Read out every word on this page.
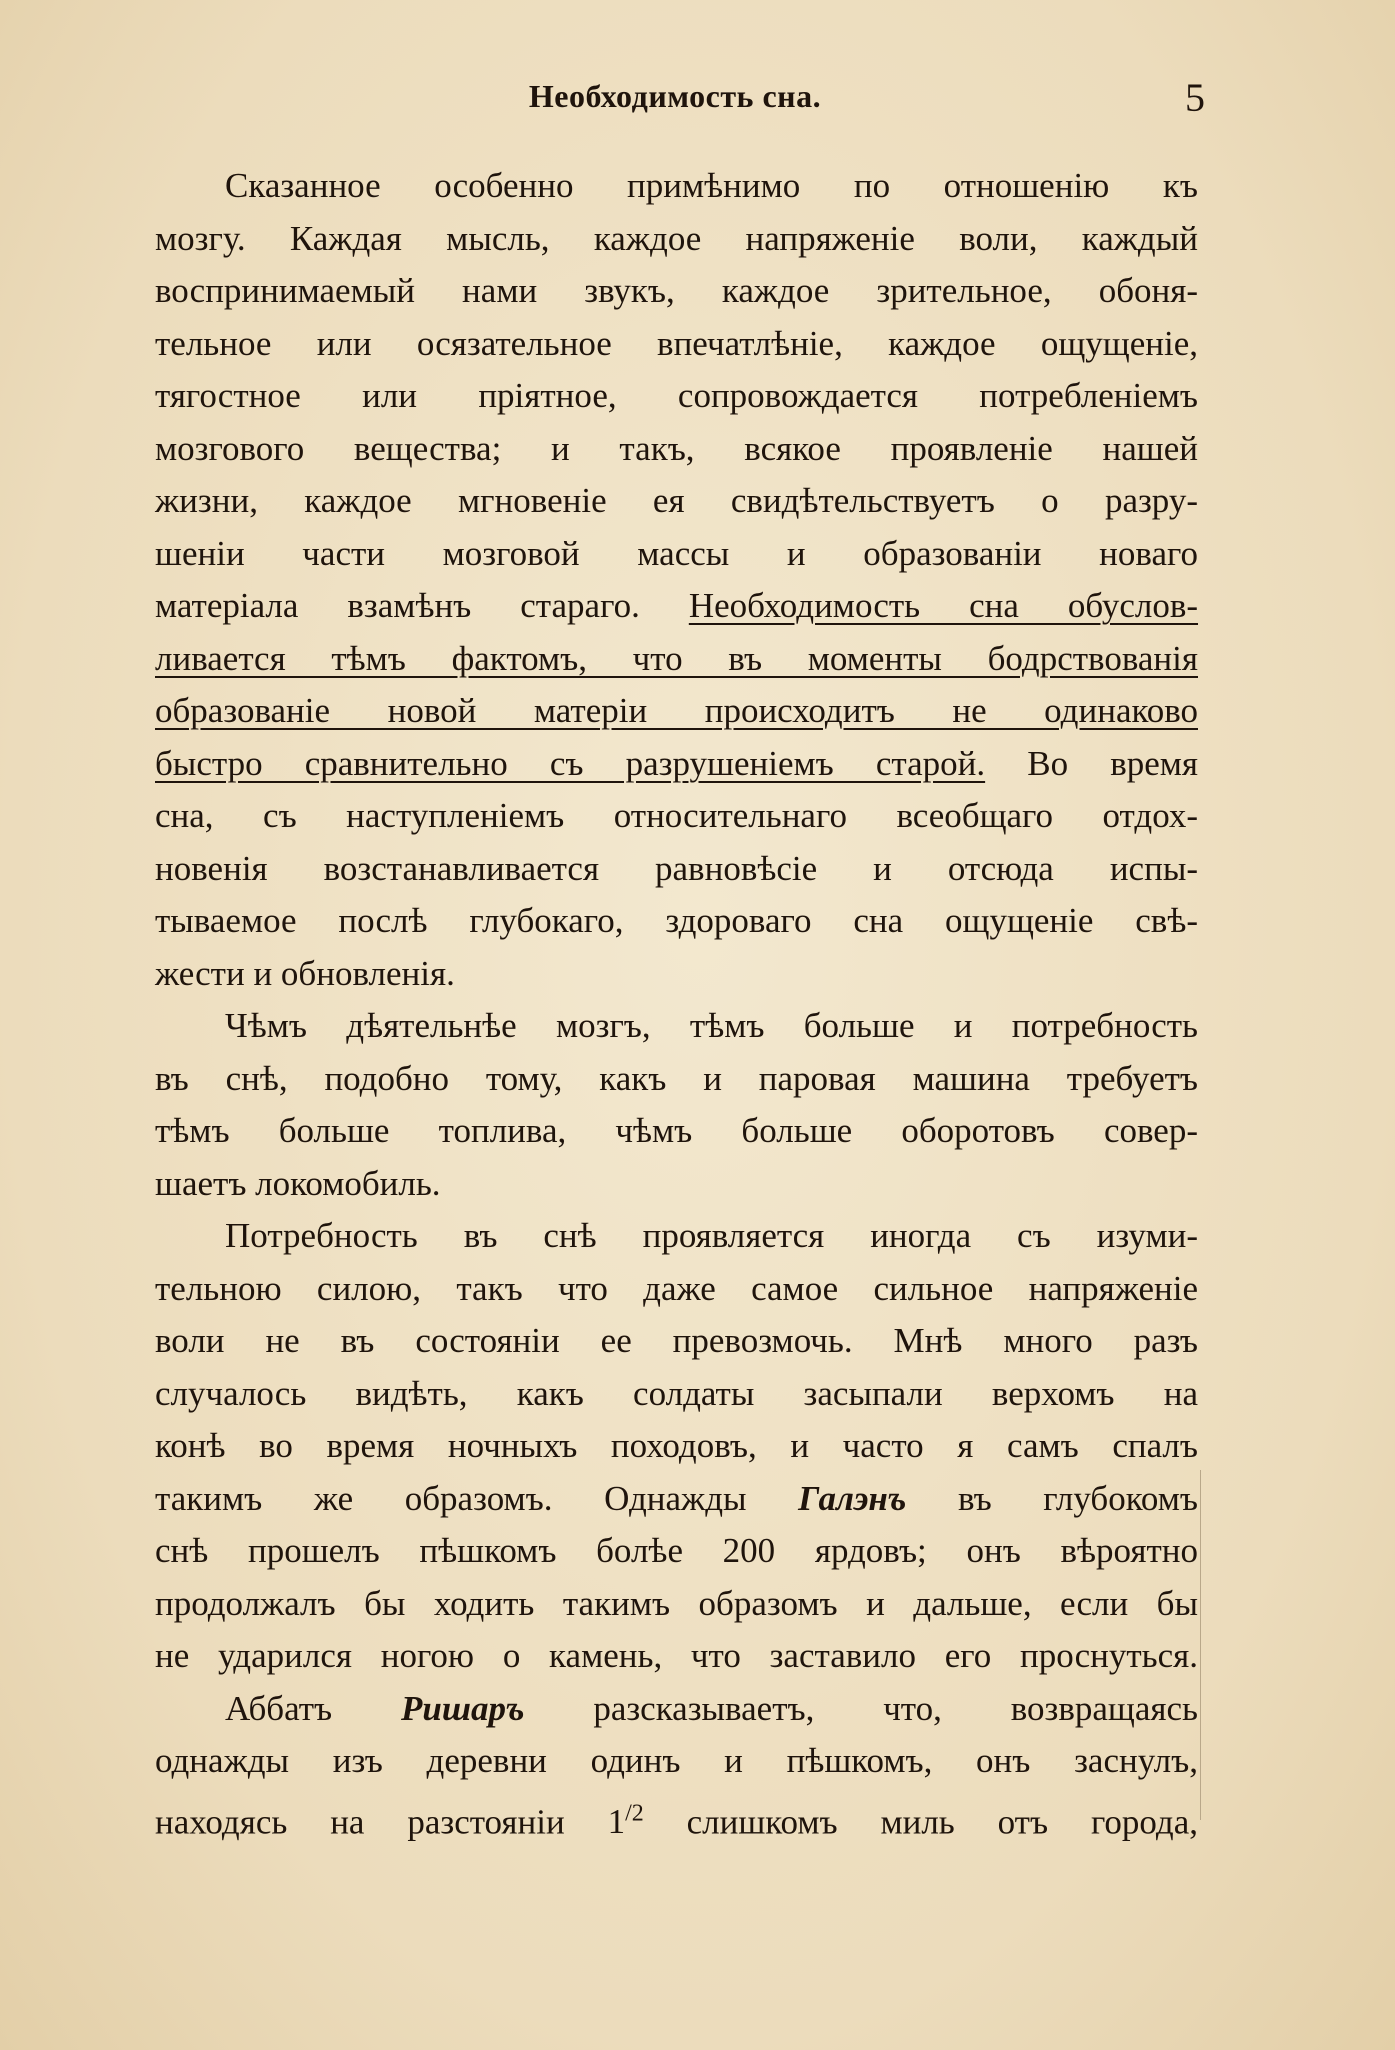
Необходимость сна.	5
Сказанное особенно примѣнимо по отношенію къ
мозгу. Каждая мысль, каждое напряженіе воли, каждый
воспринимаемый нами звукъ, каждое зрительное, обоня-
тельное или осязательное впечатлѣніе, каждое ощущеніе,
тягостное или пріятное, сопровождается потребленіемъ
мозгового вещества; и такъ, всякое проявленіе нашей
жизни, каждое мгновеніе ея свидѣтельствуетъ о разру-
шеніи части мозговой массы и образованіи новаго
матеріала взамѣнъ стараго. Необходимость сна обуслов-
ливается тѣмъ фактомъ, что въ моменты бодрствованія
образованіе новой матеріи происходитъ не одинаково
быстро сравнительно съ разрушеніемъ старой. Во время
сна, съ наступленіемъ относительнаго всеобщаго отдох-
новенія возстанавливается равновѣсіе и отсюда испы-
тываемое послѣ глубокаго, здороваго сна ощущеніе свѣ-
жести и обновленія.
Чѣмъ дѣятельнѣе мозгъ, тѣмъ больше и потребность
въ снѣ, подобно тому, какъ и паровая машина требуетъ
тѣмъ больше топлива, чѣмъ больше оборотовъ совер-
шаетъ локомобиль.
Потребность въ снѣ проявляется иногда съ изуми-
тельною силою, такъ что даже самое сильное напряженіе
воли не въ состояніи ее превозмочь. Мнѣ много разъ
случалось видѣть, какъ солдаты засыпали верхомъ на
конѣ во время ночныхъ походовъ, и часто я самъ спалъ
такимъ же образомъ. Однажды Галэнъ въ глубокомъ
снѣ прошелъ пѣшкомъ болѣе 200 ярдовъ; онъ вѣроятно
продолжалъ бы ходить такимъ образомъ и дальше, если бы
не ударился ногою о камень, что заставило его проснуться.
Аббатъ Ришаръ разсказываетъ, что, возвращаясь
однажды изъ деревни одинъ и пѣшкомъ, онъ заснулъ,
находясь на разстояніи $1^{/2}$ слишкомъ миль отъ города,
